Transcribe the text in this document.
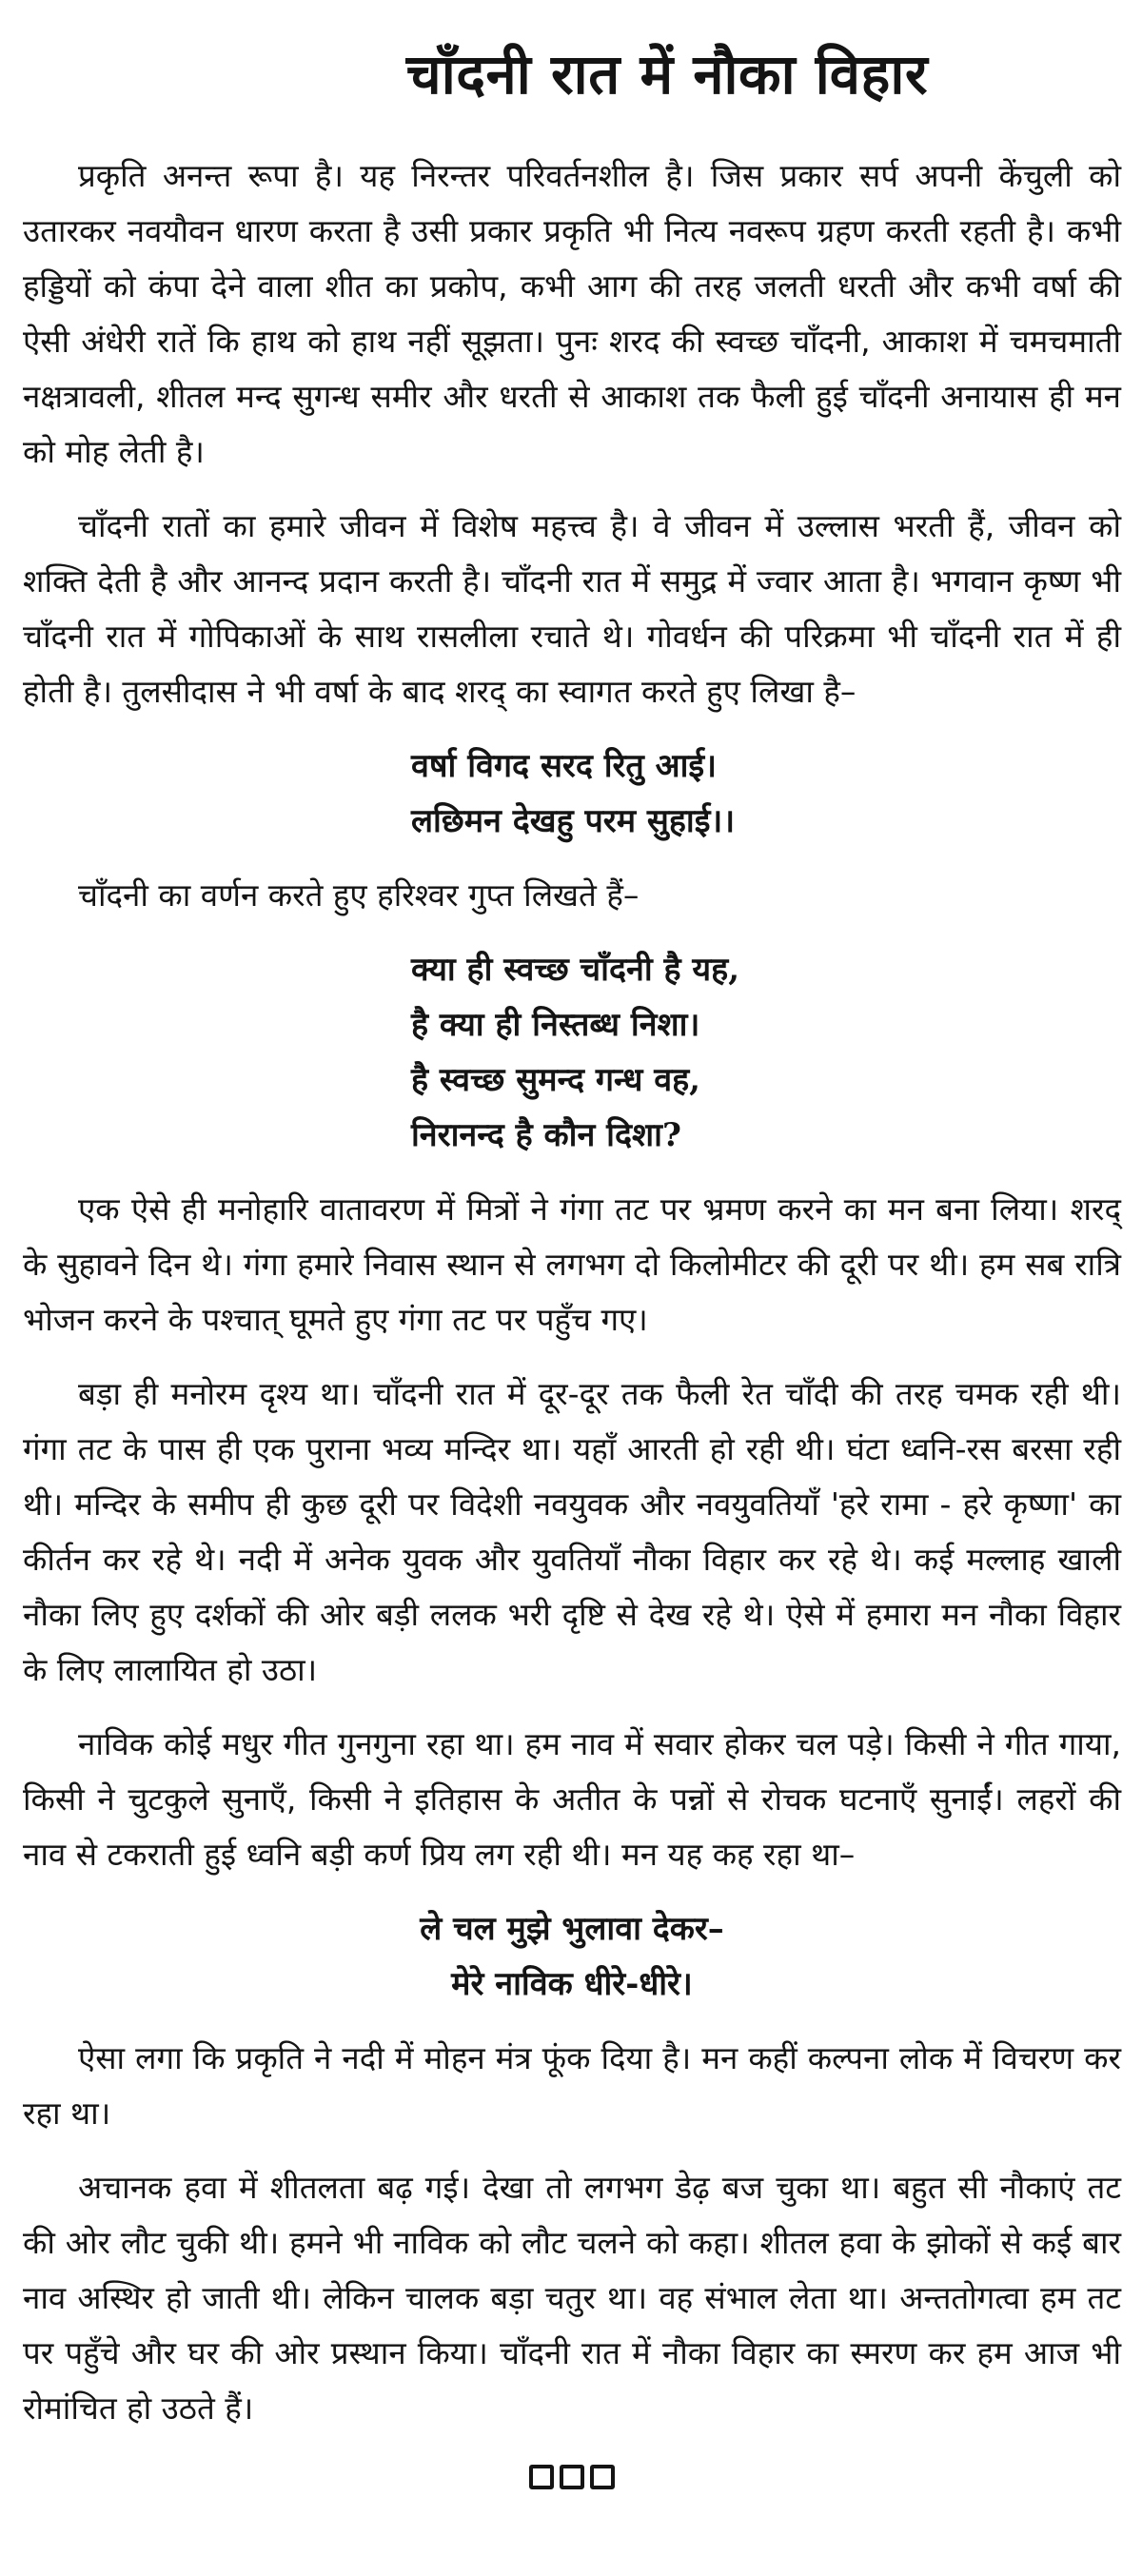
चाँदनी रात में नौका विहार

प्रकृति अनन्त रूपा है। यह निरन्तर परिवर्तनशील है। जिस प्रकार सर्प अपनी केंचुली को उतारकर नवयौवन धारण करता है उसी प्रकार प्रकृति भी नित्य नवरूप ग्रहण करती रहती है। कभी हड्डियों को कंपा देने वाला शीत का प्रकोप, कभी आग की तरह जलती धरती और कभी वर्षा की ऐसी अंधेरी रातें कि हाथ को हाथ नहीं सूझता। पुनः शरद की स्वच्छ चाँदनी, आकाश में चमचमाती नक्षत्रावली, शीतल मन्द सुगन्ध समीर और धरती से आकाश तक फैली हुई चाँदनी अनायास ही मन को मोह लेती है।

चाँदनी रातों का हमारे जीवन में विशेष महत्त्व है। वे जीवन में उल्लास भरती हैं, जीवन को शक्ति देती है और आनन्द प्रदान करती है। चाँदनी रात में समुद्र में ज्वार आता है। भगवान कृष्ण भी चाँदनी रात में गोपिकाओं के साथ रासलीला रचाते थे। गोवर्धन की परिक्रमा भी चाँदनी रात में ही होती है। तुलसीदास ने भी वर्षा के बाद शरद् का स्वागत करते हुए लिखा है–

वर्षा विगद सरद रितु आई।
लछिमन देखहु परम सुहाई।।

चाँदनी का वर्णन करते हुए हरिश्वर गुप्त लिखते हैं–

क्या ही स्वच्छ चाँदनी है यह,
है क्या ही निस्तब्ध निशा।
है स्वच्छ सुमन्द गन्ध वह,
निरानन्द है कौन दिशा?

एक ऐसे ही मनोहारि वातावरण में मित्रों ने गंगा तट पर भ्रमण करने का मन बना लिया। शरद् के सुहावने दिन थे। गंगा हमारे निवास स्थान से लगभग दो किलोमीटर की दूरी पर थी। हम सब रात्रि भोजन करने के पश्चात् घूमते हुए गंगा तट पर पहुँच गए।

बड़ा ही मनोरम दृश्य था। चाँदनी रात में दूर-दूर तक फैली रेत चाँदी की तरह चमक रही थी। गंगा तट के पास ही एक पुराना भव्य मन्दिर था। यहाँ आरती हो रही थी। घंटा ध्वनि-रस बरसा रही थी। मन्दिर के समीप ही कुछ दूरी पर विदेशी नवयुवक और नवयुवतियाँ 'हरे रामा - हरे कृष्णा' का कीर्तन कर रहे थे। नदी में अनेक युवक और युवतियाँ नौका विहार कर रहे थे। कई मल्लाह खाली नौका लिए हुए दर्शकों की ओर बड़ी ललक भरी दृष्टि से देख रहे थे। ऐसे में हमारा मन नौका विहार के लिए लालायित हो उठा।

नाविक कोई मधुर गीत गुनगुना रहा था। हम नाव में सवार होकर चल पड़े। किसी ने गीत गाया, किसी ने चुटकुले सुनाएँ, किसी ने इतिहास के अतीत के पन्नों से रोचक घटनाएँ सुनाईं। लहरों की नाव से टकराती हुई ध्वनि बड़ी कर्ण प्रिय लग रही थी। मन यह कह रहा था–

ले चल मुझे भुलावा देकर–
मेरे नाविक धीरे-धीरे।

ऐसा लगा कि प्रकृति ने नदी में मोहन मंत्र फूंक दिया है। मन कहीं कल्पना लोक में विचरण कर रहा था।

अचानक हवा में शीतलता बढ़ गई। देखा तो लगभग डेढ़ बज चुका था। बहुत सी नौकाएं तट की ओर लौट चुकी थी। हमने भी नाविक को लौट चलने को कहा। शीतल हवा के झोकों से कई बार नाव अस्थिर हो जाती थी। लेकिन चालक बड़ा चतुर था। वह संभाल लेता था। अन्ततोगत्वा हम तट पर पहुँचे और घर की ओर प्रस्थान किया। चाँदनी रात में नौका विहार का स्मरण कर हम आज भी रोमांचित हो उठते हैं।
